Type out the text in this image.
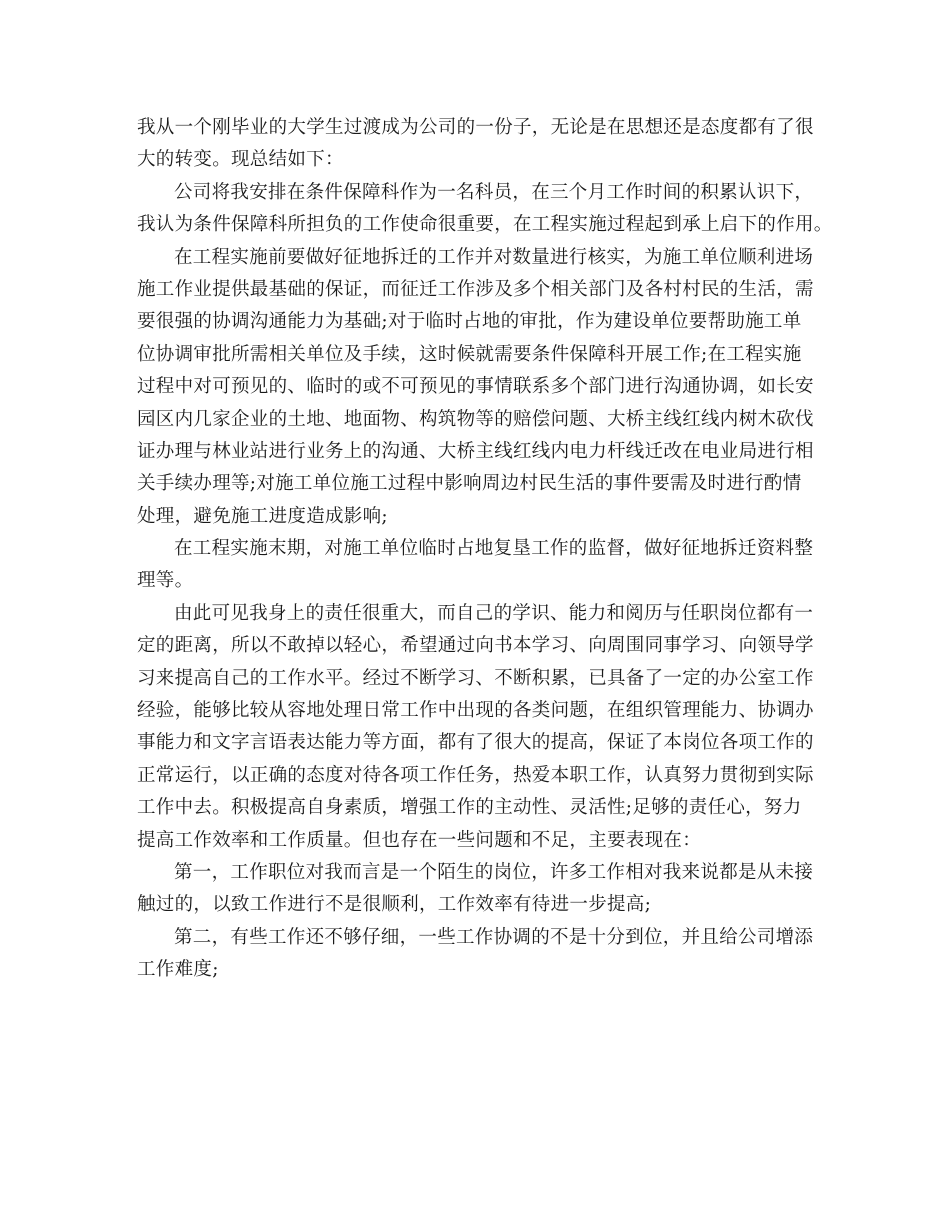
我从一个刚毕业的大学生过渡成为公司的一份子，无论是在思想还是态度都有了很
大的转变。现总结如下：
公司将我安排在条件保障科作为一名科员，在三个月工作时间的积累认识下，
我认为条件保障科所担负的工作使命很重要，在工程实施过程起到承上启下的作用。
在工程实施前要做好征地拆迁的工作并对数量进行核实，为施工单位顺利进场
施工作业提供最基础的保证，而征迁工作涉及多个相关部门及各村村民的生活，需
要很强的协调沟通能力为基础;对于临时占地的审批，作为建设单位要帮助施工单
位协调审批所需相关单位及手续，这时候就需要条件保障科开展工作;在工程实施
过程中对可预见的、临时的或不可预见的事情联系多个部门进行沟通协调，如长安
园区内几家企业的土地、地面物、构筑物等的赔偿问题、大桥主线红线内树木砍伐
证办理与林业站进行业务上的沟通、大桥主线红线内电力杆线迁改在电业局进行相
关手续办理等;对施工单位施工过程中影响周边村民生活的事件要需及时进行酌情
处理，避免施工进度造成影响;
在工程实施末期，对施工单位临时占地复垦工作的监督，做好征地拆迁资料整
理等。
由此可见我身上的责任很重大，而自己的学识、能力和阅历与任职岗位都有一
定的距离，所以不敢掉以轻心，希望通过向书本学习、向周围同事学习、向领导学
习来提高自己的工作水平。经过不断学习、不断积累，已具备了一定的办公室工作
经验，能够比较从容地处理日常工作中出现的各类问题，在组织管理能力、协调办
事能力和文字言语表达能力等方面，都有了很大的提高，保证了本岗位各项工作的
正常运行，以正确的态度对待各项工作任务，热爱本职工作，认真努力贯彻到实际
工作中去。积极提高自身素质，增强工作的主动性、灵活性;足够的责任心，努力
提高工作效率和工作质量。但也存在一些问题和不足，主要表现在：
第一，工作职位对我而言是一个陌生的岗位，许多工作相对我来说都是从未接
触过的，以致工作进行不是很顺利，工作效率有待进一步提高;
第二，有些工作还不够仔细，一些工作协调的不是十分到位，并且给公司增添
工作难度;
